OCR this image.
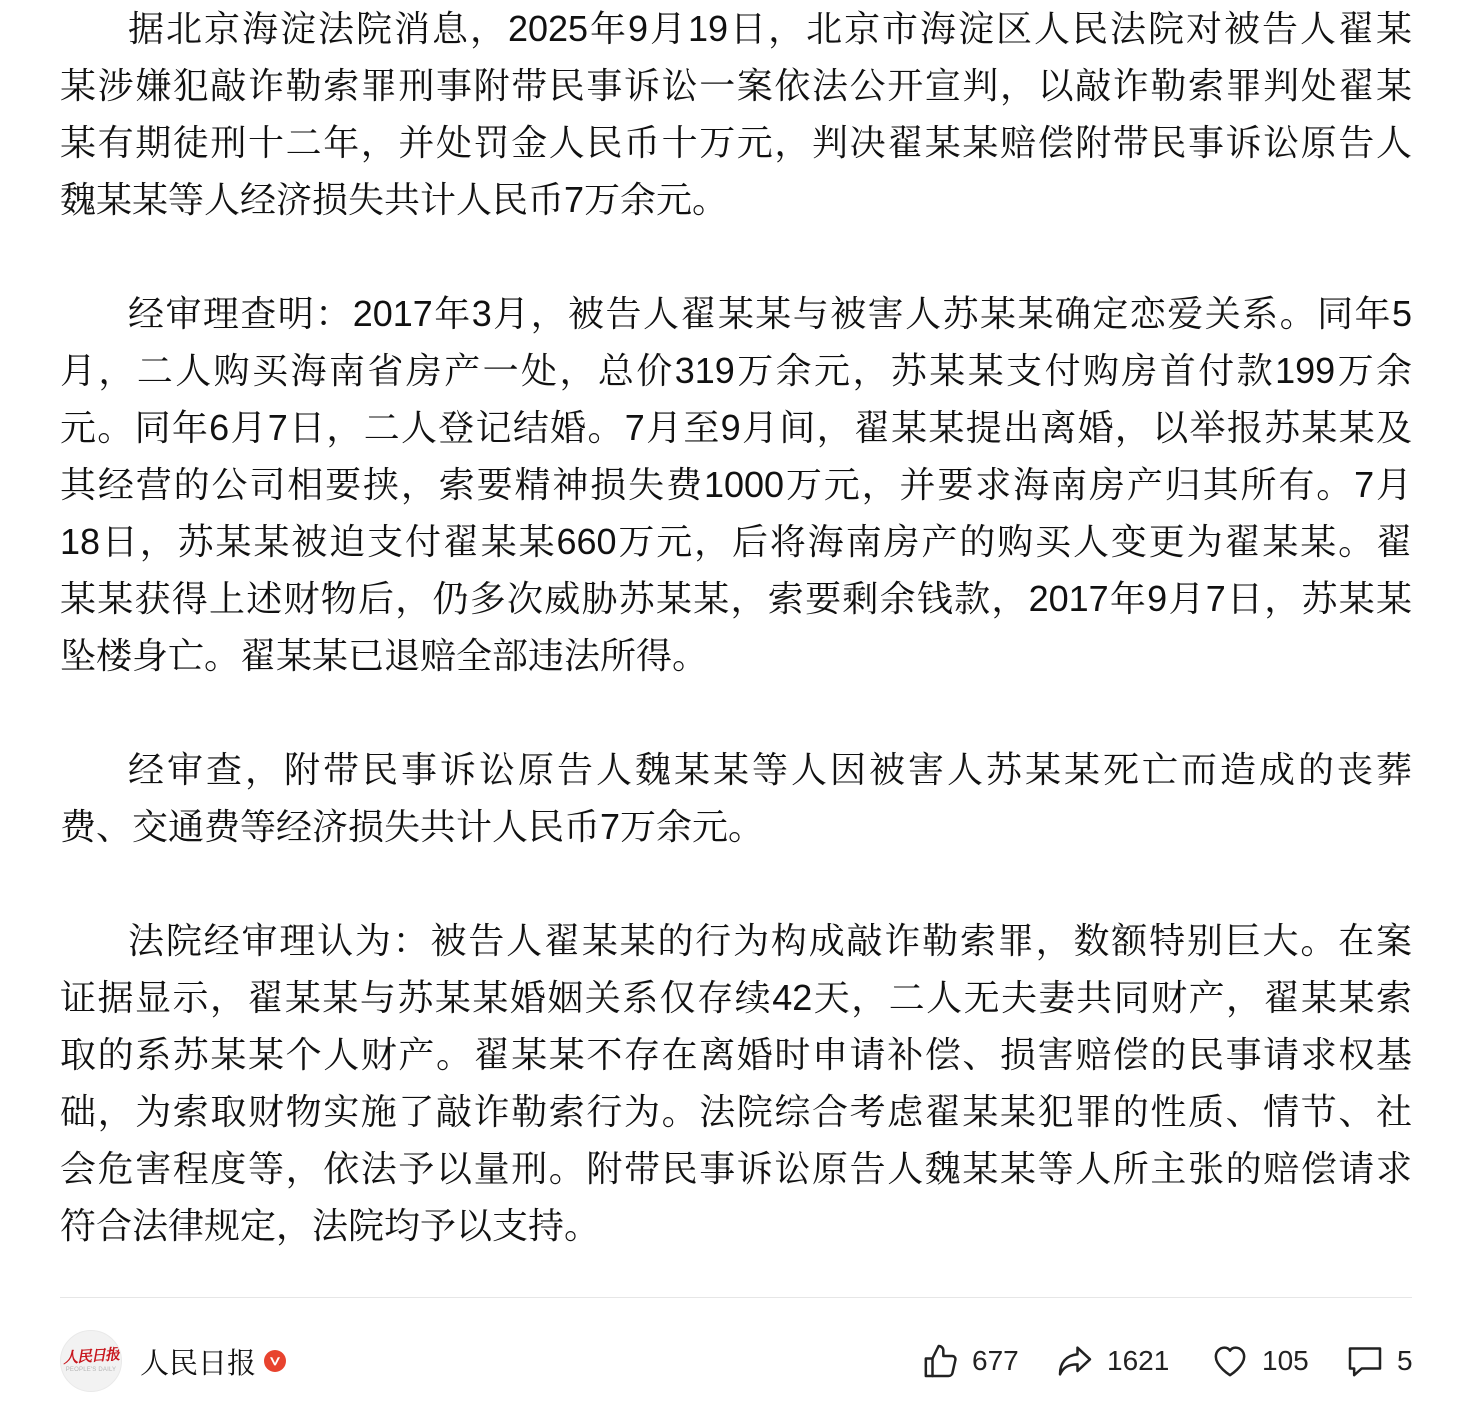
据北京海淀法院消息，2025年9月19日，北京市海淀区人民法院对被告人翟某
某涉嫌犯敲诈勒索罪刑事附带民事诉讼一案依法公开宣判，以敲诈勒索罪判处翟某
某有期徒刑十二年，并处罚金人民币十万元，判决翟某某赔偿附带民事诉讼原告人
魏某某等人经济损失共计人民币7万余元。

经审理查明：2017年3月，被告人翟某某与被害人苏某某确定恋爱关系。同年5
月，二人购买海南省房产一处，总价319万余元，苏某某支付购房首付款199万余
元。同年6月7日，二人登记结婚。7月至9月间，翟某某提出离婚，以举报苏某某及
其经营的公司相要挟，索要精神损失费1000万元，并要求海南房产归其所有。7月
18日，苏某某被迫支付翟某某660万元，后将海南房产的购买人变更为翟某某。翟
某某获得上述财物后，仍多次威胁苏某某，索要剩余钱款，2017年9月7日，苏某某
坠楼身亡。翟某某已退赔全部违法所得。

经审查，附带民事诉讼原告人魏某某等人因被害人苏某某死亡而造成的丧葬
费、交通费等经济损失共计人民币7万余元。

法院经审理认为：被告人翟某某的行为构成敲诈勒索罪，数额特别巨大。在案
证据显示，翟某某与苏某某婚姻关系仅存续42天，二人无夫妻共同财产，翟某某索
取的系苏某某个人财产。翟某某不存在离婚时申请补偿、损害赔偿的民事请求权基
础，为索取财物实施了敲诈勒索行为。法院综合考虑翟某某犯罪的性质、情节、社
会危害程度等，依法予以量刑。附带民事诉讼原告人魏某某等人所主张的赔偿请求
符合法律规定，法院均予以支持。

人民日报
PEOPLE'S DAILY 人民日报	677	1621	105	5
